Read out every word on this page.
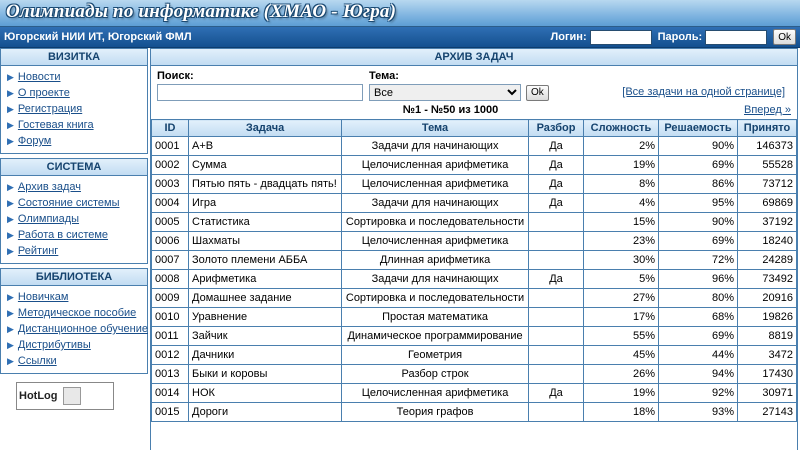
Олимпиады по информатике (ХМАО - Югра)
Югорский НИИ ИТ, Югорский ФМЛ	Логин:	Пароль:	Ok
ВИЗИТКА
▶ Новости
▶ О проекте
▶ Регистрация
▶ Гостевая книга
▶ Форум
СИСТЕМА
▶ Архив задач
▶ Состояние системы
▶ Олимпиады
▶ Работа в системе
▶ Рейтинг
БИБЛИОТЕКА
▶ Новичкам
▶ Методическое пособие
▶ Дистанционное обучение
▶ Дистрибутивы
▶ Ссылки
HotLog
АРХИВ ЗАДАЧ
Поиск:	Тема:
Все
Ok	[Все задачи на одной странице]
№1 - №50 из 1000	Вперед »
ID	Задача	Тема	Разбор	Сложность	Решаемость	Принято
0001	A+B	Задачи для начинающих	Да	2%	90%	146373
0002	Сумма	Целочисленная арифметика	Да	19%	69%	55528
0003	Пятью пять - двадцать пять!	Целочисленная арифметика	Да	8%	86%	73712
0004	Игра	Задачи для начинающих	Да	4%	95%	69869
0005	Статистика	Сортировка и последовательности		15%	90%	37192
0006	Шахматы	Целочисленная арифметика		23%	69%	18240
0007	Золото племени АББА	Длинная арифметика		30%	72%	24289
0008	Арифметика	Задачи для начинающих	Да	5%	96%	73492
0009	Домашнее задание	Сортировка и последовательности		27%	80%	20916
0010	Уравнение	Простая математика		17%	68%	19826
0011	Зайчик	Динамическое программирование		55%	69%	8819
0012	Дачники	Геометрия		45%	44%	3472
0013	Быки и коровы	Разбор строк		26%	94%	17430
0014	НОК	Целочисленная арифметика	Да	19%	92%	30971
0015	Дороги	Теория графов		18%	93%	27143
